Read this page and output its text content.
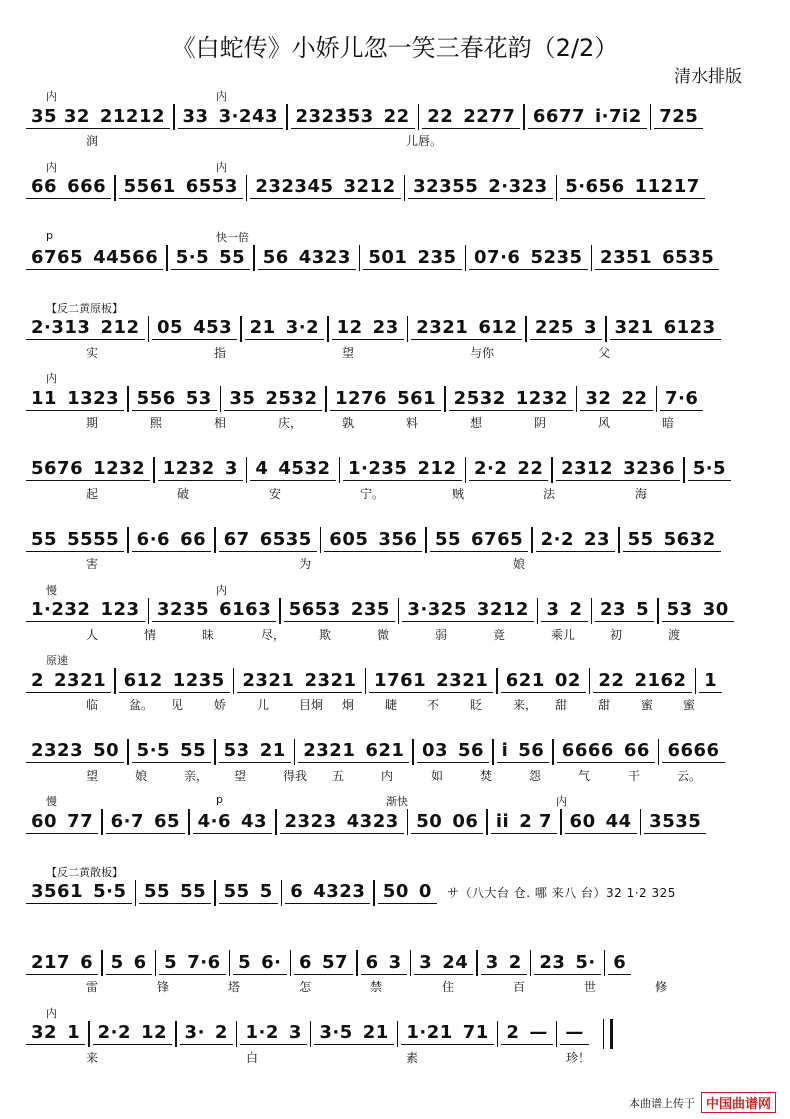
《白蛇传》小娇儿忽一笑三春花韵（2/2）
清水排版
内	内
35 32 21212 33 3·243 2323̇53 22 22 2277 6677 i·7i2 725
润	儿唇。
内	内
66 666 5561 6553 232345 3212 32355 2·323 5·656 11217
p	快一倍
6765 44566 5·5 55 56 4323 501 235 07·6 5235 2351 6535
【反二黄原板】
2·313 212 05 453 21 3·2 12 23 2321 612 225 3 321 6123
实	指	望	与你	父
内
11 1323 556 53 35 2532 1276 561 2532 1232 32 22 7·6
期	熙	相	庆，	孰	料	想	阴	风	暗
5676 1232 1232 3 4 4532 1·235 212 2·2 22 2312 3236 5·5
起	破	安	宁。	贼	法	海
55 5555 6·6 66 67 6535 605 356 55 6765 2·2 23 55 5632
害	为	娘
慢	内
1·232 123 3235 6163 5653 235 3·325 3212 3 2 23 5 53 30
人	情	昧	尽，	欺	微	弱	竟	乘儿	初	渡
原速
2 2321 612 1235 2321 2321 1761 2321 621 02 22 2162 1
临	盆。 见	娇	儿 目炯 炯	睫 不	眨	来， 甜	甜	蜜 蜜
2323 50 5·5 55 53 21 2321 621 03 56 i 56 6666 66 6666
望	娘	亲， 望	得我 五	内	如	焚	怨	气	干	云。
慢	p	渐快	内
60 77 6·7 65 4·6 43 2323 4323 50 06 ii 2 7 60 44 3535
【反二黄散板】
3561 5·5 55 55 55 5 6 4323 50 0	サ（八大台 仓. 哪 来八 台）32 1·2 325
217 6 5 6 5 7·6 5 6· 6 57 6 3 3 24 3 2 23 5· 6
雷	锋	塔	怎	禁	住	百	世	修
内
32 1 2·2 12 3· 2 1·2 3 3·5 21 1·21 71 2 — —
来	白	素	珍！
本曲谱上传于 中国曲谱网
